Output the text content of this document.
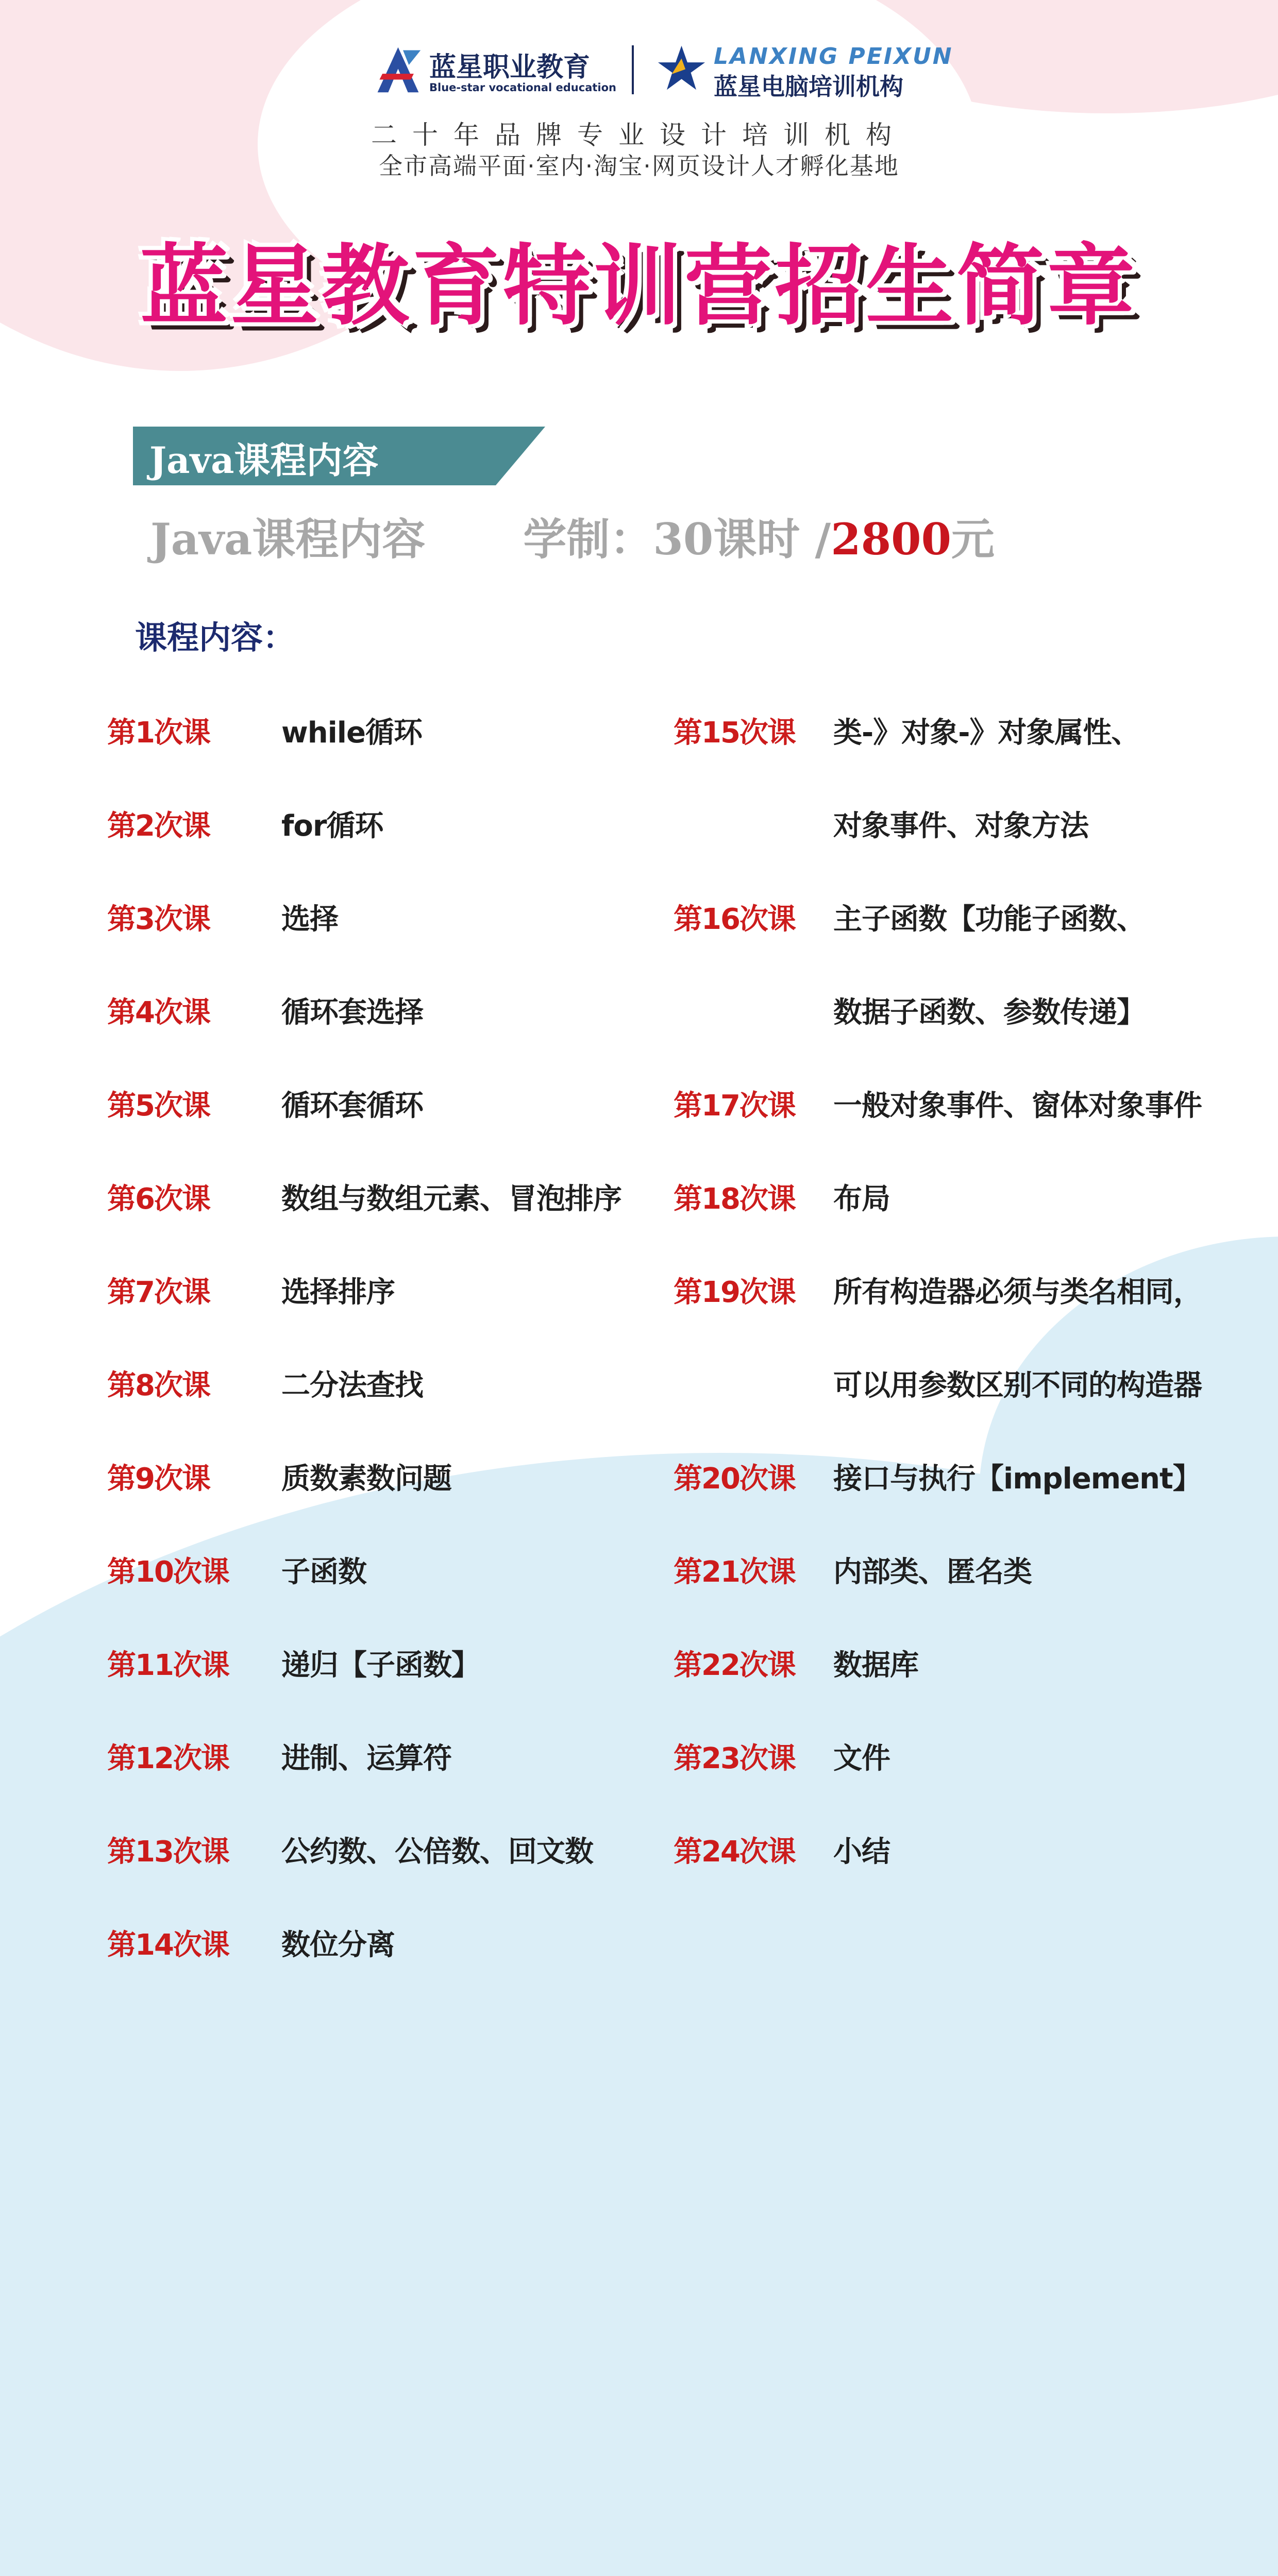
蓝星职业教育
Blue-star vocational education
LANXING PEIXUN
蓝星电脑培训机构
二十年品牌专业设计培训机构
全市高端平面·室内·淘宝·网页设计人才孵化基地
蓝星教育特训营招生简章
Java课程内容
Java课程内容 学制：30课时 /2800元
课程内容：
第1次课 while循环
第2次课 for循环
第3次课 选择
第4次课 循环套选择
第5次课 循环套循环
第6次课 数组与数组元素、冒泡排序
第7次课 选择排序
第8次课 二分法查找
第9次课 质数素数问题
第10次课 子函数
第11次课 递归【子函数】
第12次课 进制、运算符
第13次课 公约数、公倍数、回文数
第14次课 数位分离
第15次课 类-》对象-》对象属性、
对象事件、对象方法
第16次课 主子函数【功能子函数、
数据子函数、参数传递】
第17次课 一般对象事件、窗体对象事件
第18次课 布局
第19次课 所有构造器必须与类名相同，
可以用参数区别不同的构造器
第20次课 接口与执行【implement】
第21次课 内部类、匿名类
第22次课 数据库
第23次课 文件
第24次课 小结
